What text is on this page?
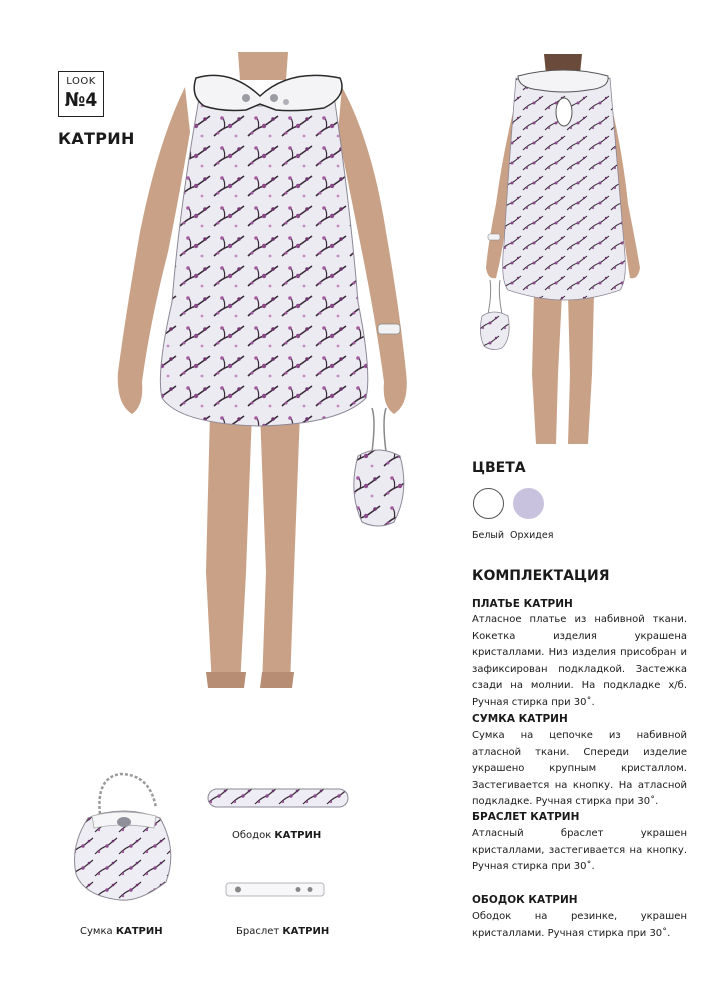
LOOK
№4
КАТРИН
ЦВЕТА
Белый Орхидея
КОМПЛЕКТАЦИЯ
ПЛАТЬЕ КАТРИН
Атласное платье из набивной ткани. Кокетка изделия украшена кристаллами. Низ изделия присобран и зафиксирован подкладкой. Застежка сзади на молнии. На подкладке х/б. Ручная стирка при 30˚.
СУМКА КАТРИН
Сумка на цепочке из набивной атласной ткани. Спереди изделие украшено крупным кристаллом. Застегивается на кнопку. На атласной подкладке. Ручная стирка при 30˚.
БРАСЛЕТ КАТРИН
Атласный браслет украшен кристаллами, застегивается на кнопку. Ручная стирка при 30˚.
ОБОДОК КАТРИН
Ободок на резинке, украшен кристаллами. Ручная стирка при 30˚.
Сумка КАТРИН
Ободок КАТРИН
Браслет КАТРИН
